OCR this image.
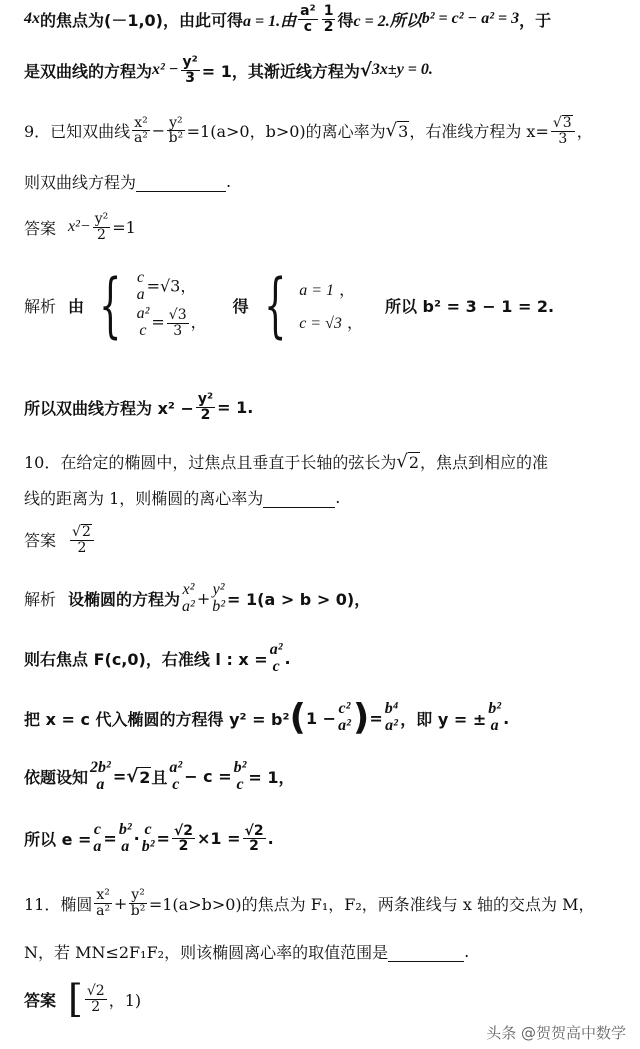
4x 的焦点为(－1,0)，由此可得 a = 1.由 $\frac{\text{a²}}{c} \frac{1}{2}$ 得 c = 2.所以 b² = c² − a² = 3 ，于
是双曲线的方程为 $x^2 - \frac{\text{y²}}{3} = 1$，其渐近线方程为 √ 3x±y = 0.
9．已知双曲线 $\frac{\text{x²}}{\text{a²}} - \frac{\text{y²}}{\text{b²}} =1(a>0$，b>0)的离心率为 √ 3 ，右准线方程为 $x= \frac{√ 3}{3}$ ，
则双曲线方程为
	.
答案 $x^2- \frac{\text{y²}}{2} =1$
解析 由 { c
a =√3，
a²
$c = \frac{√3}{3}$ ，
得 { a = 1 ，
c = √3 ，
所以 b² = 3 − 1 = 2.
所以双曲线方程为 $x^2 - \frac{\text{y²}}{2} = 1$.
10．在给定的椭圆中，过焦点且垂直于长轴的弦长为 √ 2 ，焦点到相应的准
线的距离为 1，则椭圆的离心率为
	.
答案 $\frac{√ 2}{2}$
解析 设椭圆的方程为
x²
a² + y²
b² = 1(a > b > 0)，
则右焦点 F(c,0)，右准线 l : x =
a²
c .
把 x = c 代入椭圆的方程得 y² = b² ( 1 − c²
a² ) = b⁴
a² ，即 y = ±
b²
a .
依题设知
2b²
a = √ 2 且
a²
c − c = b²
c = 1，
所以 e =
c
a = b²
a · c
$b^2 = \frac{√2}{2} \times 1 = \frac{√2}{2}$ .
11．椭圆 $\frac{\text{x²}}{\text{a²}} + \frac{\text{y²}}{\text{b²}} =1(a>b>0)$的焦点为 F₁，F₂，两条准线与 x 轴的交点为 M，
N，若 MN≤2F₁F₂，则该椭圆离心率的取值范围是
	.
答案 [ $\frac{√2}{2}$ ，1)
头条 @贺贺高中数学
